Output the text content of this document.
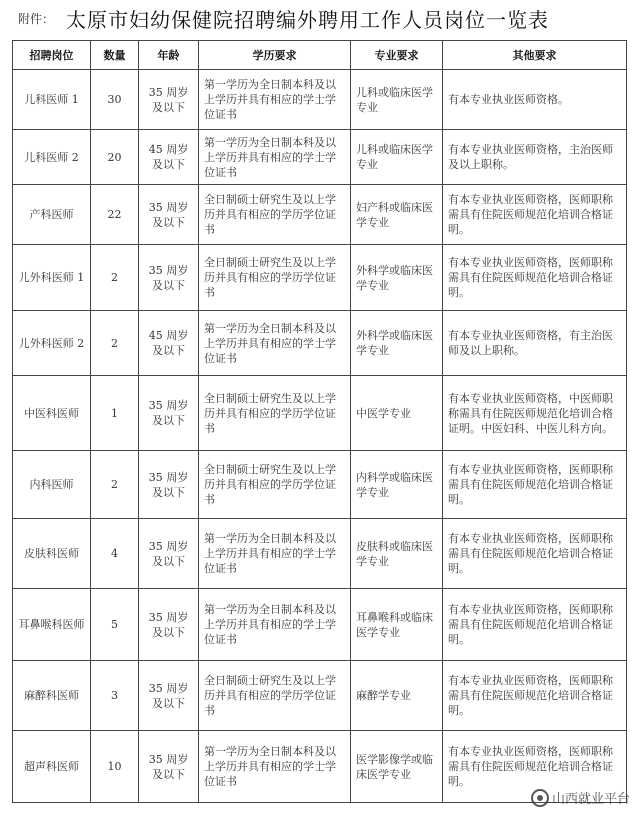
附件： 太原市妇幼保健院招聘编外聘用工作人员岗位一览表
招聘岗位	数量	年龄	学历要求	专业要求	其他要求
儿科医师 1	30	35 周岁及以下	第一学历为全日制本科及以上学历并具有相应的学士学位证书	儿科或临床医学专业	有本专业执业医师资格。
儿科医师 2	20	45 周岁及以下	第一学历为全日制本科及以上学历并具有相应的学士学位证书	儿科或临床医学专业	有本专业执业医师资格，主治医师及以上职称。
产科医师	22	35 周岁及以下	全日制硕士研究生及以上学历并具有相应的学历学位证书	妇产科或临床医学专业	有本专业执业医师资格，医师职称需具有住院医师规范化培训合格证明。
儿外科医师 1	2	35 周岁及以下	全日制硕士研究生及以上学历并具有相应的学历学位证书	外科学或临床医学专业	有本专业执业医师资格，医师职称需具有住院医师规范化培训合格证明。
儿外科医师 2	2	45 周岁及以下	第一学历为全日制本科及以上学历并具有相应的学士学位证书	外科学或临床医学专业	有本专业执业医师资格，有主治医师及以上职称。
中医科医师	1	35 周岁及以下	全日制硕士研究生及以上学历并具有相应的学历学位证书	中医学专业	有本专业执业医师资格，中医师职称需具有住院医师规范化培训合格证明。中医妇科、中医儿科方向。
内科医师	2	35 周岁及以下	全日制硕士研究生及以上学历并具有相应的学历学位证书	内科学或临床医学专业	有本专业执业医师资格，医师职称需具有住院医师规范化培训合格证明。
皮肤科医师	4	35 周岁及以下	第一学历为全日制本科及以上学历并具有相应的学士学位证书	皮肤科或临床医学专业	有本专业执业医师资格，医师职称需具有住院医师规范化培训合格证明。
耳鼻喉科医师	5	35 周岁及以下	第一学历为全日制本科及以上学历并具有相应的学士学位证书	耳鼻喉科或临床医学专业	有本专业执业医师资格，医师职称需具有住院医师规范化培训合格证明。
麻醉科医师	3	35 周岁及以下	全日制硕士研究生及以上学历并具有相应的学历学位证书	麻醉学专业	有本专业执业医师资格，医师职称需具有住院医师规范化培训合格证明。
超声科医师	10	35 周岁及以下	第一学历为全日制本科及以上学历并具有相应的学士学位证书	医学影像学或临床医学专业	有本专业执业医师资格，医师职称需具有住院医师规范化培训合格证明。
山西就业平台
